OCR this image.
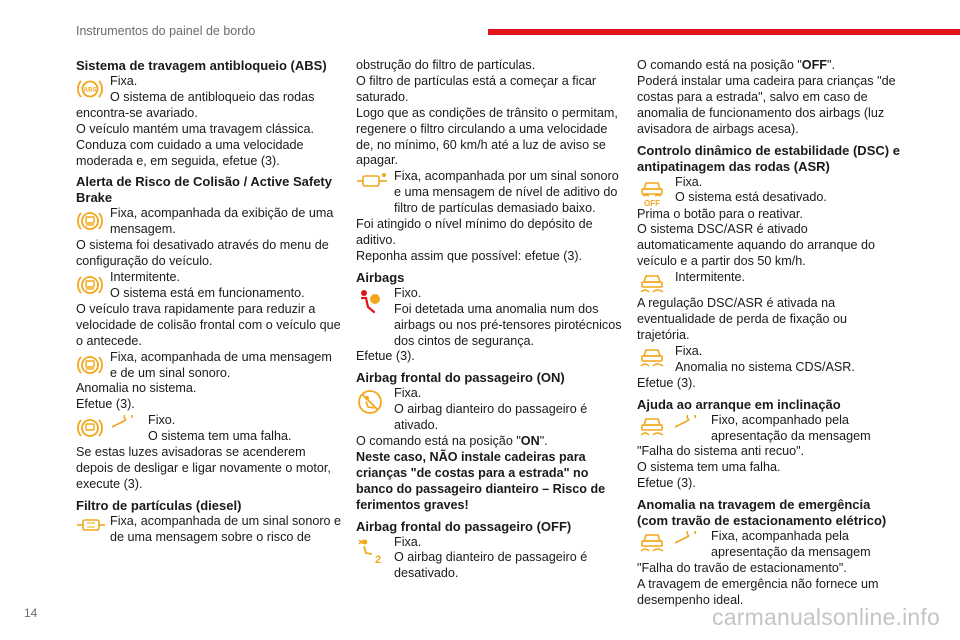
Instrumentos do painel de bordo

Sistema de travagem antibloqueio (ABS)

ABS

Fixa.

O sistema de antibloqueio das rodas

encontra-se avariado.

O veículo mantém uma travagem clássica. Conduza com cuidado a uma velocidade moderada e, em seguida, efetue (3).

Alerta de Risco de Colisão / Active Safety Brake

Fixa, acompanhada da exibição de uma mensagem.

O sistema foi desativado através do menu de configuração do veículo.

Intermitente.

O sistema está em funcionamento.

O veículo trava rapidamente para reduzir a velocidade de colisão frontal com o veículo que o antecede.

Fixa, acompanhada de uma mensagem e de um sinal sonoro.

Anomalia no sistema.

Efetue (3).

Fixo.

O sistema tem uma falha.

Se estas luzes avisadoras se acenderem depois de desligar e ligar novamente o motor, execute (3).

Filtro de partículas (diesel)

Fixa, acompanhada de um sinal sonoro e de uma mensagem sobre o risco de

obstrução do filtro de partículas.

O filtro de partículas está a começar a ficar saturado.

Logo que as condições de trânsito o permitam, regenere o filtro circulando a uma velocidade de, no mínimo, 60 km/h até a luz de aviso se apagar.

Fixa, acompanhada por um sinal sonoro e uma mensagem de nível de aditivo do filtro de partículas demasiado baixo.

Foi atingido o nível mínimo do depósito de aditivo.

Reponha assim que possível: efetue (3).

Airbags

Fixo.

Foi detetada uma anomalia num dos airbags ou nos pré-tensores pirotécnicos dos cintos de segurança.

Efetue (3).

Airbag frontal do passageiro (ON)

Fixa.

O airbag dianteiro do passageiro é ativado.

O comando está na posição "ON".

Neste caso, NÃO instale cadeiras para crianças "de costas para a estrada" no banco do passageiro dianteiro – Risco de ferimentos graves!

Airbag frontal do passageiro (OFF)

2

Fixa.

O airbag dianteiro de passageiro é desativado.

O comando está na posição "OFF".

Poderá instalar uma cadeira para crianças "de costas para a estrada", salvo em caso de anomalia de funcionamento dos airbags (luz avisadora de airbags acesa).

Controlo dinâmico de estabilidade (DSC) e antipatinagem das rodas (ASR)

OFF

Fixa.

O sistema está desativado.

Prima o botão para o reativar.

O sistema DSC/ASR é ativado automaticamente aquando do arranque do veículo e a partir dos 50 km/h.

Intermitente.

A regulação DSC/ASR é ativada na eventualidade de perda de fixação ou trajetória.

Fixa.

Anomalia no sistema CDS/ASR.

Efetue (3).

Ajuda ao arranque em inclinação

Fixo, acompanhado pela apresentação da mensagem

"Falha do sistema anti recuo".

O sistema tem uma falha.

Efetue (3).

Anomalia na travagem de emergência (com travão de estacionamento elétrico)

Fixa, acompanhada pela apresentação da mensagem

"Falha do travão de estacionamento".

A travagem de emergência não fornece um desempenho ideal.

14	carmanualsonline.info
